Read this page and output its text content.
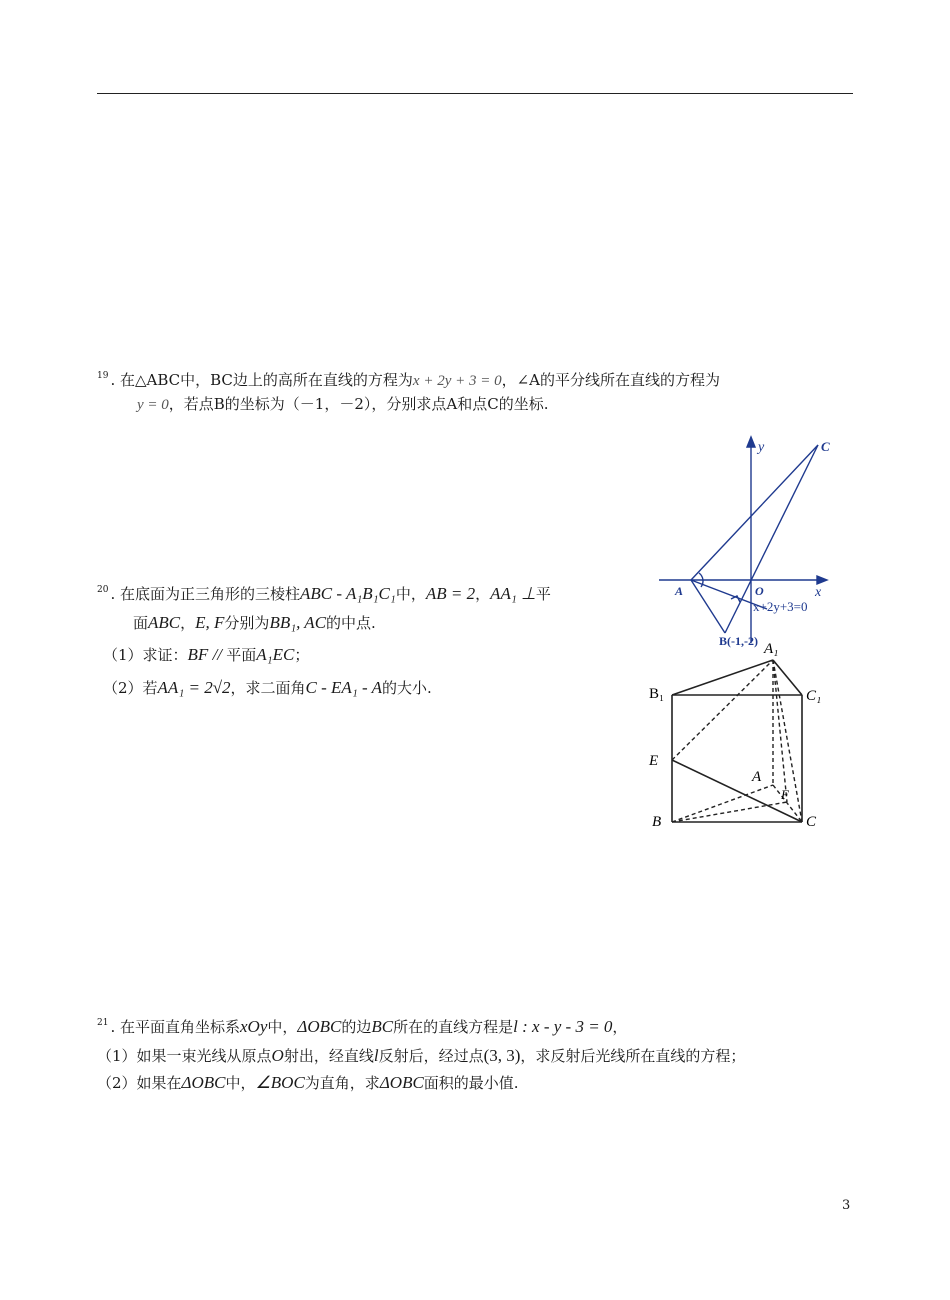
$^{19}$ . 在△ABC中，BC边上的高所在直线的方程为x + 2y + 3 = 0，∠A的平分线所在直线的方程为
y = 0，若点B的坐标为（－1，－2），分别求点A和点C的坐标.
y
x
C
O
A
x+2y+3=0
B(-1,-2)
$^{20}$ . 在底面为正三角形的三棱柱ABC - A₁B₁C₁中，AB = 2，AA₁ ⊥平
面ABC，E, F分别为BB₁, AC的中点.
（1）求证：BF // 平面A₁EC；
（2）若AA₁ = 2√2，求二面角C - EA₁ - A的大小.
A₁
B₁	C₁
E
A
F
B	C
$^{21}$ . 在平面直角坐标系xOy中，ΔOBC的边BC所在的直线方程是l : x - y - 3 = 0，
（1）如果一束光线从原点O射出，经直线l反射后，经过点(3, 3)，求反射后光线所在直线的方程；
（2）如果在ΔOBC中，∠BOC为直角，求ΔOBC面积的最小值.
3
